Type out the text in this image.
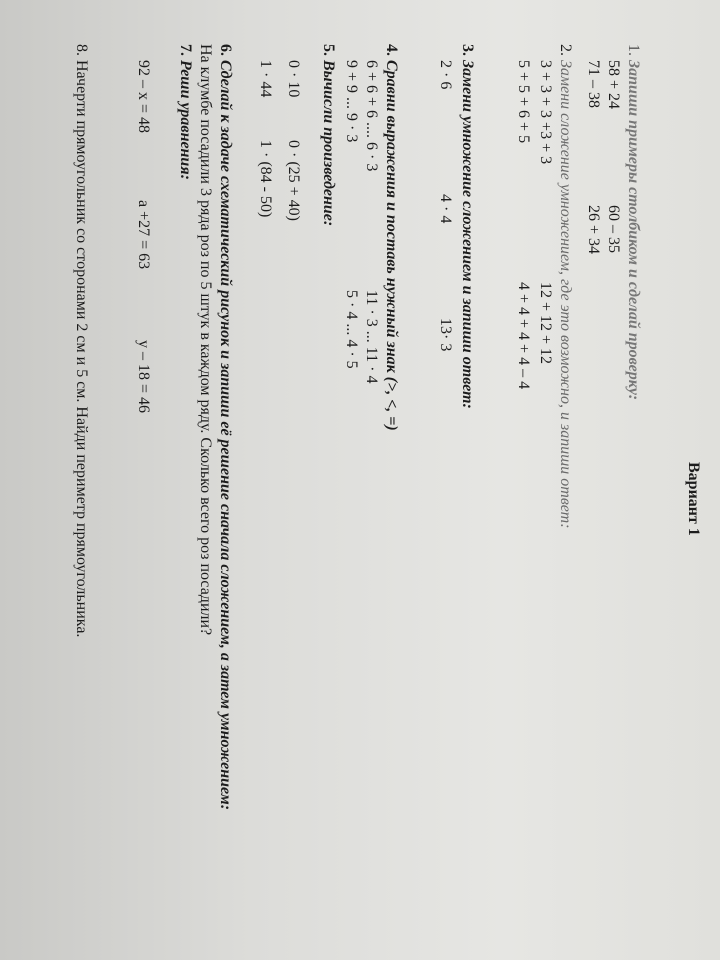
Вариант 1
1. Запиши примеры столбиком и сделай проверку:
58 + 24
71 – 38
60 – 35
26 + 34
2. Замени сложение умножением, где это возможно, и запиши ответ:
3 + 3 + 3 +3 + 3
5 + 5 + 6 + 5
12 + 12 + 12
4 + 4 + 4 + 4 – 4
3. Замени умножение сложением и запиши ответ:
2 · 6
4 · 4
13· 3
4. Сравни выражения и поставь нужный знак (>, <, =)
6 + 6 + 6 .... 6 · 3
9 + 9 ... 9 · 3
11 · 3 ... 11 · 4
5 · 4 ... 4 · 5
5. Вычисли произведение:
0 · 10
1 · 44
0 · (25 + 40)
1 · (84 - 50)
6. Сделай к задаче схематический рисунок и запиши её решение сначала сложением, а затем умножением:
На клумбе посадили 3 ряда роз по 5 штук в каждом ряду. Сколько всего роз посадили?
7. Реши уравнения:
92 – x = 48
a +27 = 63
y – 18 = 46
8. Начерти прямоугольник со сторонами 2 см и 5 см. Найди периметр прямоугольника.
